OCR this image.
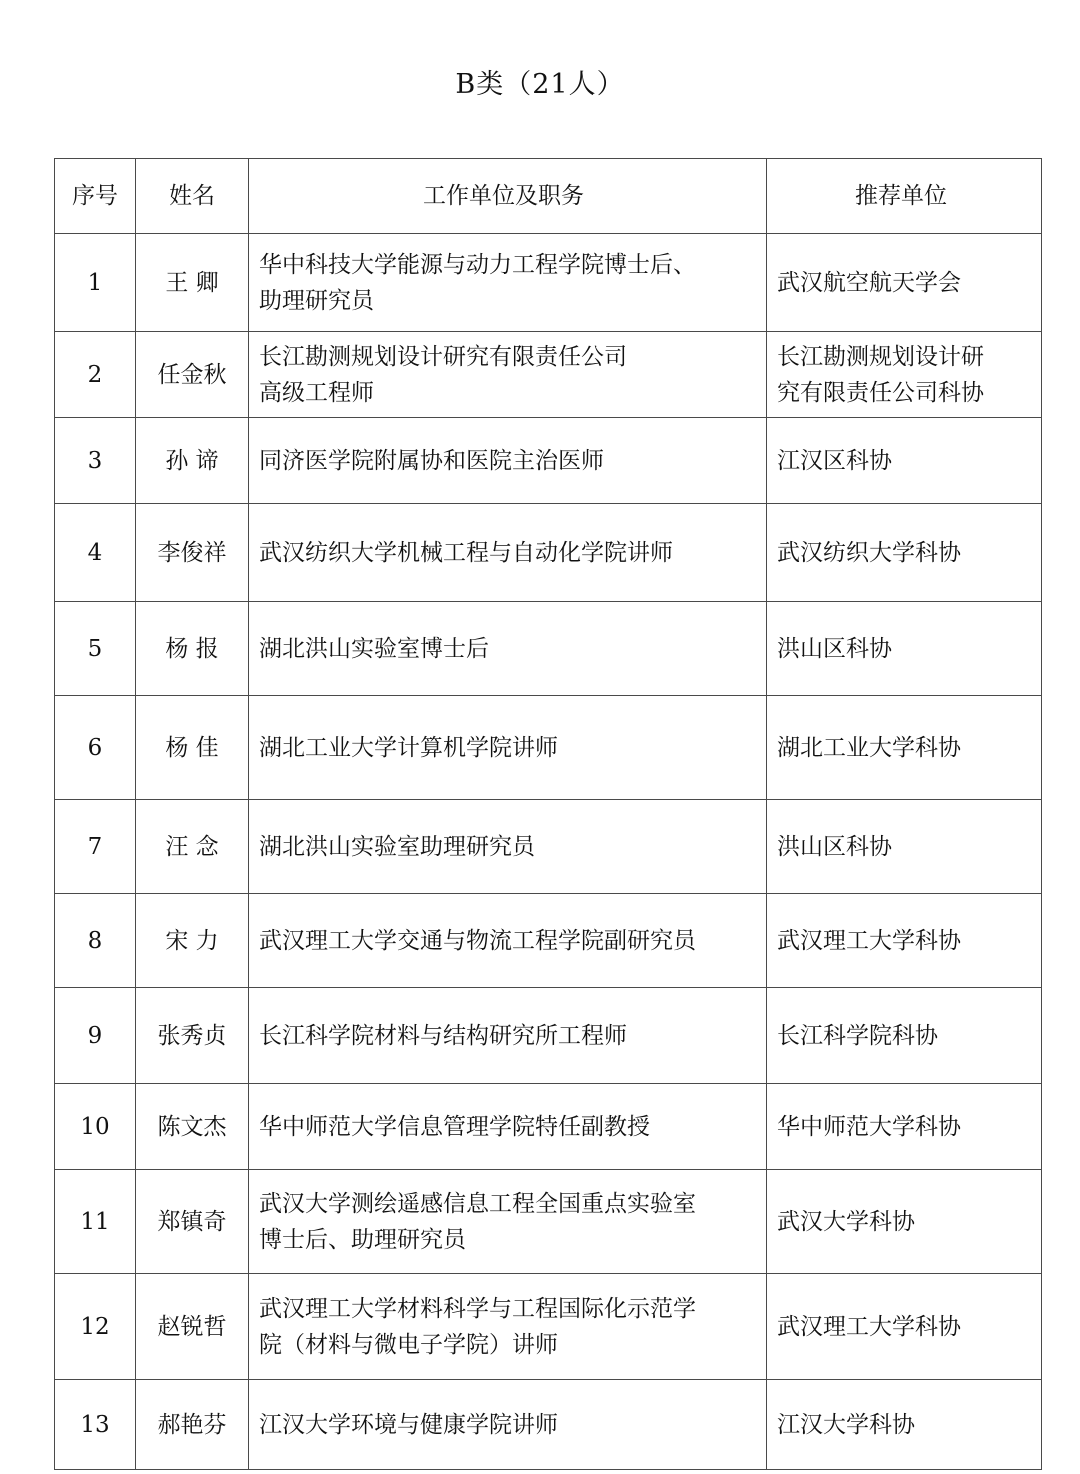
B类（21人）
序号	姓名	工作单位及职务	推荐单位
1	王 卿	华中科技大学能源与动力工程学院博士后、
助理研究员	武汉航空航天学会

2	任金秋	长江勘测规划设计研究有限责任公司
高级工程师	长江勘测规划设计研
究有限责任公司科协

3	孙 谛	同济医学院附属协和医院主治医师	江汉区科协

4	李俊祥	武汉纺织大学机械工程与自动化学院讲师	武汉纺织大学科协

5	杨 报	湖北洪山实验室博士后	洪山区科协

6	杨 佳	湖北工业大学计算机学院讲师	湖北工业大学科协

7	汪 念	湖北洪山实验室助理研究员	洪山区科协

8	宋 力	武汉理工大学交通与物流工程学院副研究员	武汉理工大学科协

9	张秀贞	长江科学院材料与结构研究所工程师	长江科学院科协

10	陈文杰	华中师范大学信息管理学院特任副教授	华中师范大学科协

11	郑镇奇	武汉大学测绘遥感信息工程全国重点实验室
博士后、助理研究员	武汉大学科协

12	赵锐哲	武汉理工大学材料科学与工程国际化示范学
院（材料与微电子学院）讲师	武汉理工大学科协

13	郝艳芬	江汉大学环境与健康学院讲师	江汉大学科协
